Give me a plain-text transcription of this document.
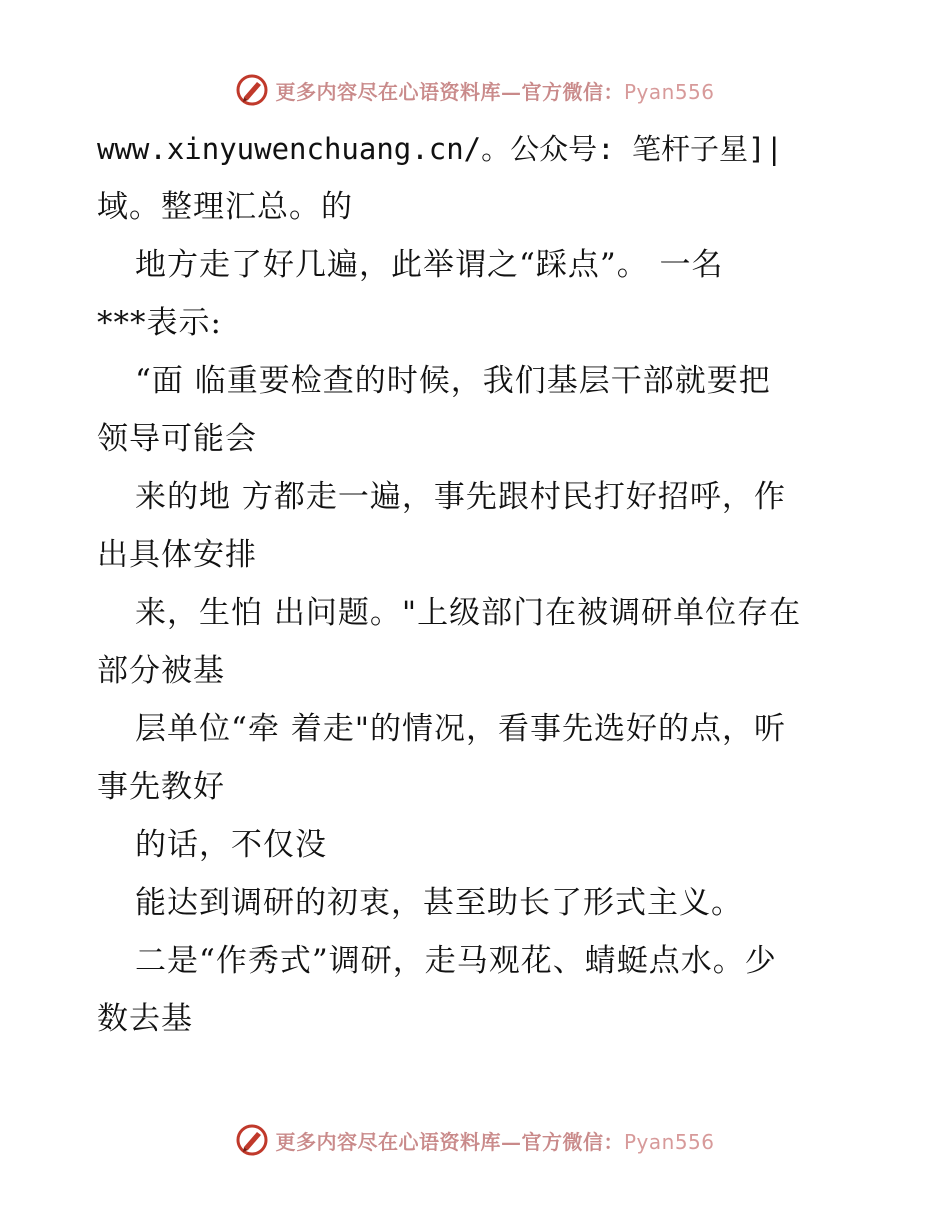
更多内容尽在心语资料库—官方微信：Pyan556
www.xinyuwenchuang.cn/。公众号: 笔杆子星]|
域。整理汇总。的
地方走了好几遍，此举谓之“踩点”。 一名
***表示:
“面 临重要检查的时候，我们基层干部就要把
领导可能会
来的地 方都走一遍，事先跟村民打好招呼，作
出具体安排
来，生怕 出问题。"上级部门在被调研单位存在
部分被基
层单位“牵 着走"的情况，看事先选好的点，听
事先教好
的话，不仅没
能达到调研的初衷，甚至助长了形式主义。
二是“作秀式”调研，走马观花、蜻蜓点水。少
数去基
更多内容尽在心语资料库—官方微信：Pyan556
